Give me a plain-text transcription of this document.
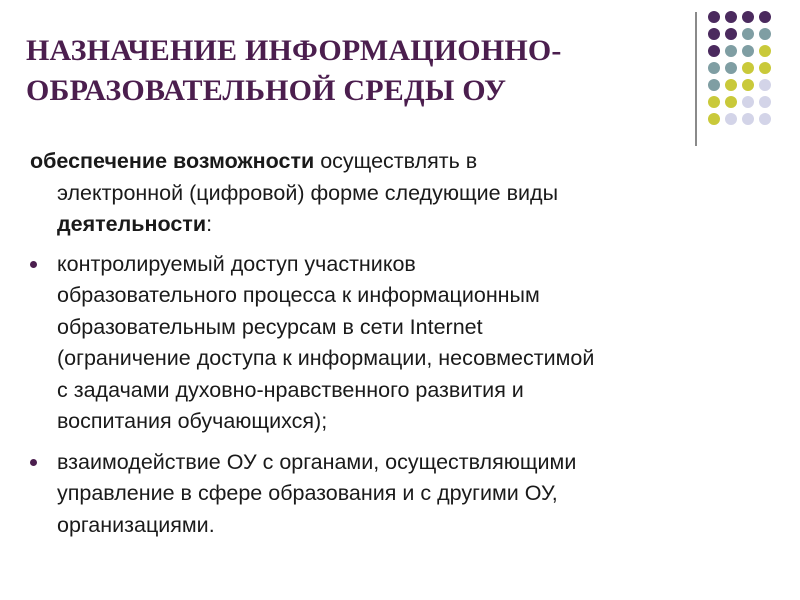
НАЗНАЧЕНИЕ ИНФОРМАЦИОННО-
ОБРАЗОВАТЕЛЬНОЙ СРЕДЫ ОУ

обеспечение возможности осуществлять в
электронной (цифровой) форме следующие виды
деятельности:

контролируемый доступ участников
образовательного процесса к информационным
образовательным ресурсам в сети Internet
(ограничение доступа к информации, несовместимой
с задачами духовно-нравственного развития и
воспитания обучающихся);
взаимодействие ОУ с органами, осуществляющими
управление в сфере образования и с другими ОУ,
организациями.
